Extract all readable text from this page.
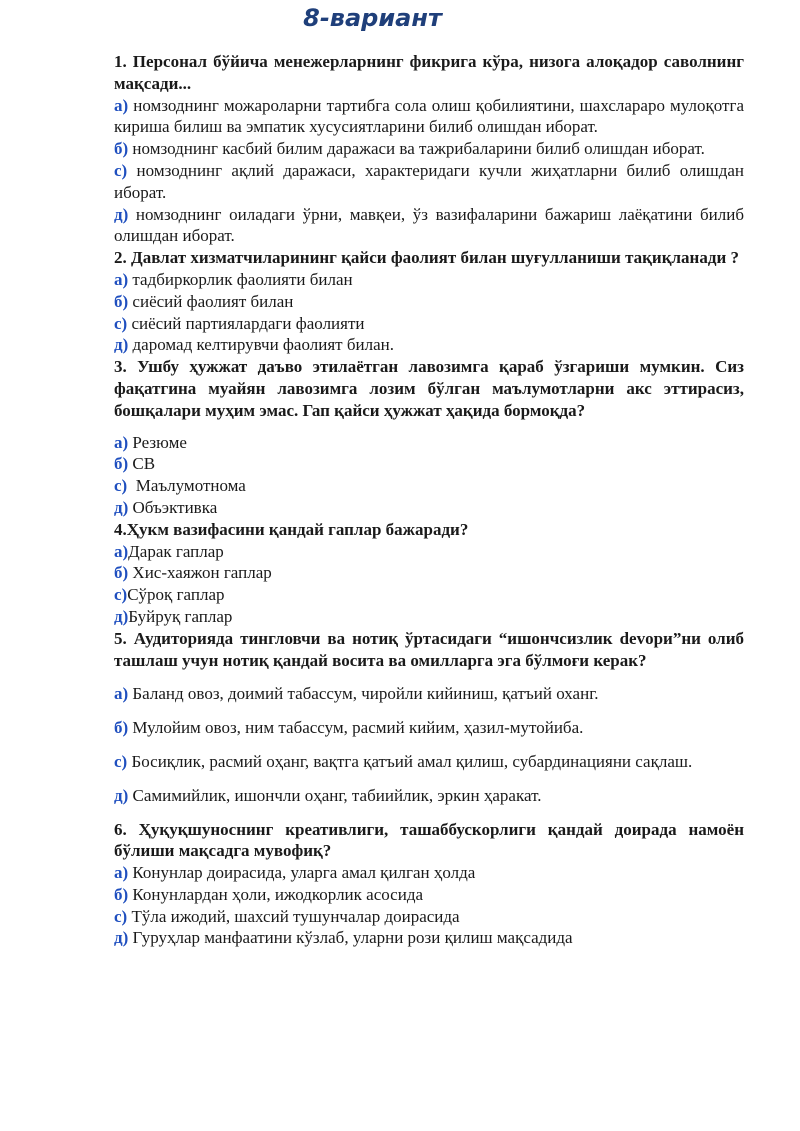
8-вариант

1. Персонал бўйича менежерларнинг фикрига кўра, низога алоқадор саволнинг мақсади...

а) номзоднинг можароларни тартибга сола олиш қобилиятини, шахслараро мулоқотга киришa билиш ва эмпатик хусусиятларини билиб олишдан иборат.

б) номзоднинг касбий билим даражаси ва тажрибаларини билиб олишдан иборат.

с) номзоднинг ақлий даражаси, характеридаги кучли жиҳатларни билиб олишдан иборат.

д) номзоднинг оиладаги ўрни, мавқеи, ўз вазифаларини бажариш лаёқатини билиб олишдан иборат.

2. Давлат хизматчиларининг қайси фаолият билан шуғулланиши тақиқланади ?

а) тадбиркорлик фаолияти билан

б) сиёсий фаолият билан

с) сиёсий партиялардаги фаолияти

д) даромад келтирувчи фаолият билан.

3. Ушбу ҳужжат даъво этилаётган лавозимга қараб ўзгариши мумкин. Сиз фақатгина муайян лавозимга лозим бўлган маълумотларни акс эттирасиз, бошқалари муҳим эмас. Гап қайси ҳужжат ҳақида бормоқда?

а) Резюме

б) СВ

с) Маълумотнома

д) Объэктивка

4.Ҳукм вазифасини қандай гаплар бажаради?

а)Дарак гаплар

б) Хис-хаяжон гаплар

с)Сўроқ гаплар

д)Буйруқ гаплар

5. Аудиторияда тингловчи ва нотиқ ўртасидаги “ишончсизлик devори”ни олиб ташлаш учун нотиқ қандай восита ва омилларга эга бўлмоғи керак?

а) Баланд овоз, доимий табассум, чиройли кийиниш, қатъий оханг.

б) Мулойим овоз, ним табассум, расмий кийим, ҳазил-мутойиба.

с) Босиқлик, расмий оҳанг, вақтга қатъий амал қилиш, субардинацияни сақлаш.

д) Самимийлик, ишончли оҳанг, табиийлик, эркин ҳаракат.

6. Ҳуқуқшуноснинг креативлиги, ташаббускорлиги қандай доирада намоён бўлиши мақсадга мувофиқ?

а) Конунлар доирасида, уларга амал қилган ҳолда

б) Конунлардан ҳоли, ижодкорлик асосида

с) Тўла ижодий, шахсий тушунчалар доирасида

д) Гуруҳлар манфаатини кўзлаб, уларни рози қилиш мақсадида
